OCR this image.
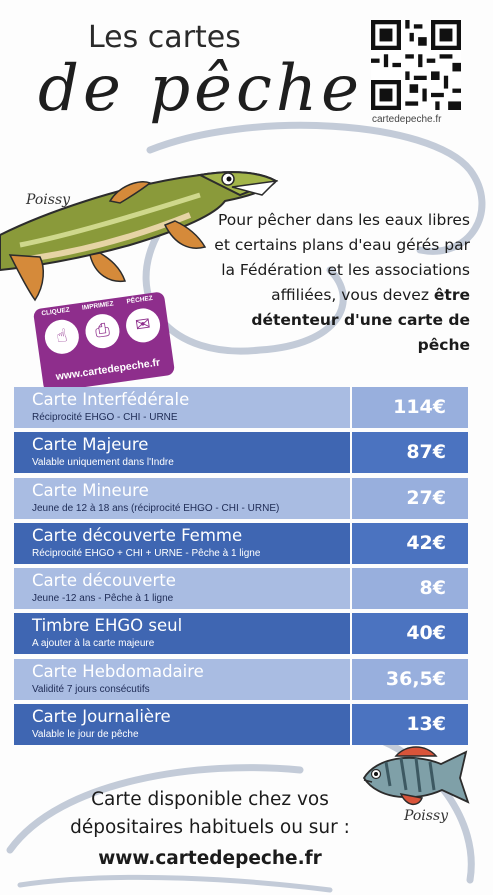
Les cartes
de pêche cartedepeche.fr
Poissy
Pour pêcher dans les eaux libres et certains plans d'eau gérés par la Fédération et les associations affiliées, vous devez être détenteur d'une carte de pêche
CLIQUEZ
IMPRIMEZ
PÊCHEZ
☝	⎙	✉
www.cartedepeche.fr
Carte Interfédérale
Réciprocité EHGO - CHI - URNE	114€
Carte Majeure
Valable uniquement dans l'Indre	87€
Carte Mineure
Jeune de 12 à 18 ans (réciprocité EHGO - CHI - URNE)	27€
Carte découverte Femme
Réciprocité EHGO + CHI + URNE - Pêche à 1 ligne	42€
Carte découverte
Jeune -12 ans - Pêche à 1 ligne	8€
Timbre EHGO seul
A ajouter à la carte majeure	40€
Carte Hebdomadaire
Validité 7 jours consécutifs	36,5€
Carte Journalière
Valable le jour de pêche	13€
Poissy
Carte disponible chez vos
dépositaires habituels ou sur :
www.cartedepeche.fr
